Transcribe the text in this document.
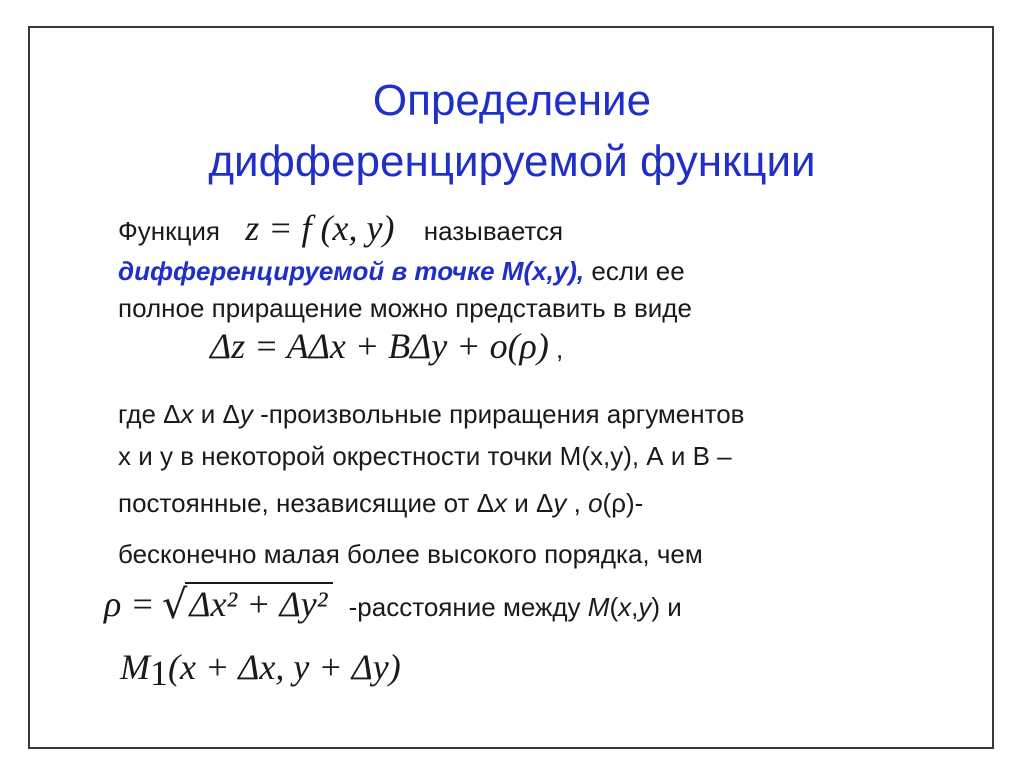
Определение
дифференцируемой функции
Функция z = f (x, y) называется
дифференцируемой в точке М(x,y), если ее
полное приращение можно представить в виде
Δz = AΔx + BΔy + o(ρ) ,
где Δx и Δy -произвольные приращения аргументов
x и y в некоторой окрестности точки М(x,y), А и В –
постоянные, независящие от Δx и Δy , o(ρ)-
бесконечно малая более высокого порядка, чем
ρ = √Δx² + Δy² -расстояние между М(x,y) и
$M_1(x + \Delta x$, y + Δy)
